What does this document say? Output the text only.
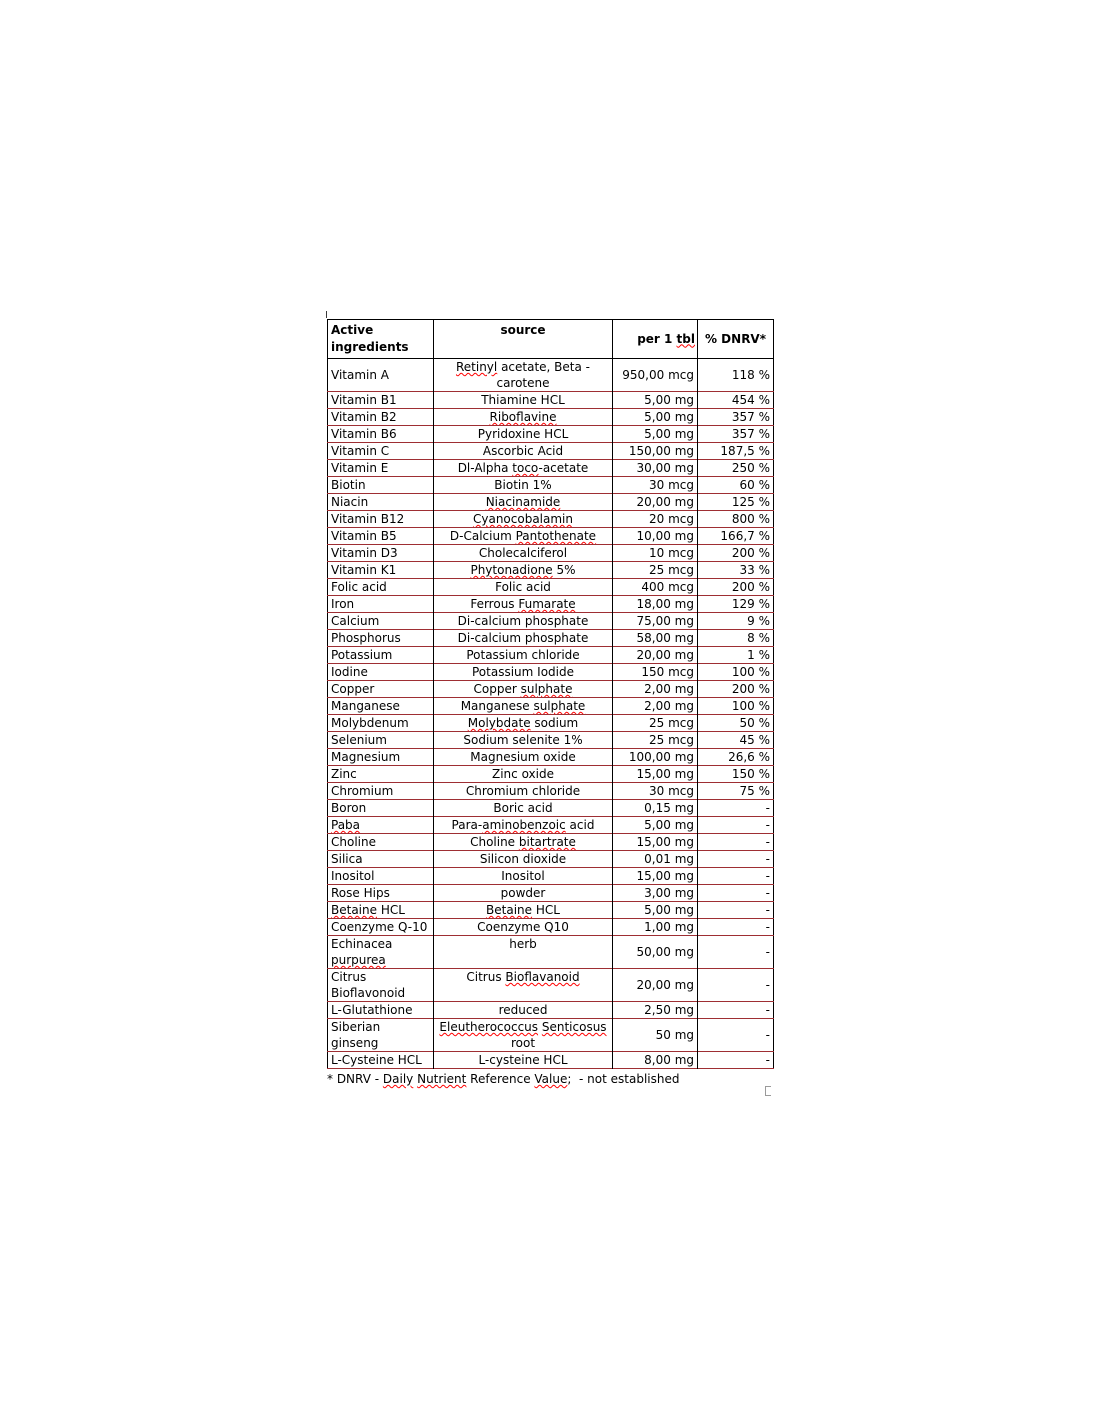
Active ingredients	source	per 1 tbl	% DNRV*
Vitamin A	Retinyl acetate, Beta - carotene	950,00 mcg	118 %
Vitamin B1	Thiamine HCL	5,00 mg	454 %
Vitamin B2	Riboflavine	5,00 mg	357 %
Vitamin B6	Pyridoxine HCL	5,00 mg	357 %
Vitamin C	Ascorbic Acid	150,00 mg	187,5 %
Vitamin E	Dl-Alpha toco-acetate	30,00 mg	250 %
Biotin	Biotin 1%	30 mcg	60 %
Niacin	Niacinamide	20,00 mg	125 %
Vitamin B12	Cyanocobalamin	20 mcg	800 %
Vitamin B5	D-Calcium Pantothenate	10,00 mg	166,7 %
Vitamin D3	Cholecalciferol	10 mcg	200 %
Vitamin K1	Phytonadione 5%	25 mcg	33 %
Folic acid	Folic acid	400 mcg	200 %
Iron	Ferrous Fumarate	18,00 mg	129 %
Calcium	Di-calcium phosphate	75,00 mg	9 %
Phosphorus	Di-calcium phosphate	58,00 mg	8 %
Potassium	Potassium chloride	20,00 mg	1 %
Iodine	Potassium Iodide	150 mcg	100 %
Copper	Copper sulphate	2,00 mg	200 %
Manganese	Manganese sulphate	2,00 mg	100 %
Molybdenum	Molybdate sodium	25 mcg	50 %
Selenium	Sodium selenite 1%	25 mcg	45 %
Magnesium	Magnesium oxide	100,00 mg	26,6 %
Zinc	Zinc oxide	15,00 mg	150 %
Chromium	Chromium chloride	30 mcg	75 %
Boron	Boric acid	0,15 mg	-
Paba	Para-aminobenzoic acid	5,00 mg	-
Choline	Choline bitartrate	15,00 mg	-
Silica	Silicon dioxide	0,01 mg	-
Inositol	Inositol	15,00 mg	-
Rose Hips	powder	3,00 mg	-
Betaine HCL	Betaine HCL	5,00 mg	-
Coenzyme Q-10	Coenzyme Q10	1,00 mg	-
Echinacea purpurea	herb	50,00 mg	-
Citrus Bioflavonoid	Citrus Bioflavanoid	20,00 mg	-
L-Glutathione	reduced	2,50 mg	-
Siberian ginseng	Eleutherococcus Senticosus root	50 mg	-
L-Cysteine HCL	L-cysteine HCL	8,00 mg	-
* DNRV - Daily Nutrient Reference Value;  - not established
